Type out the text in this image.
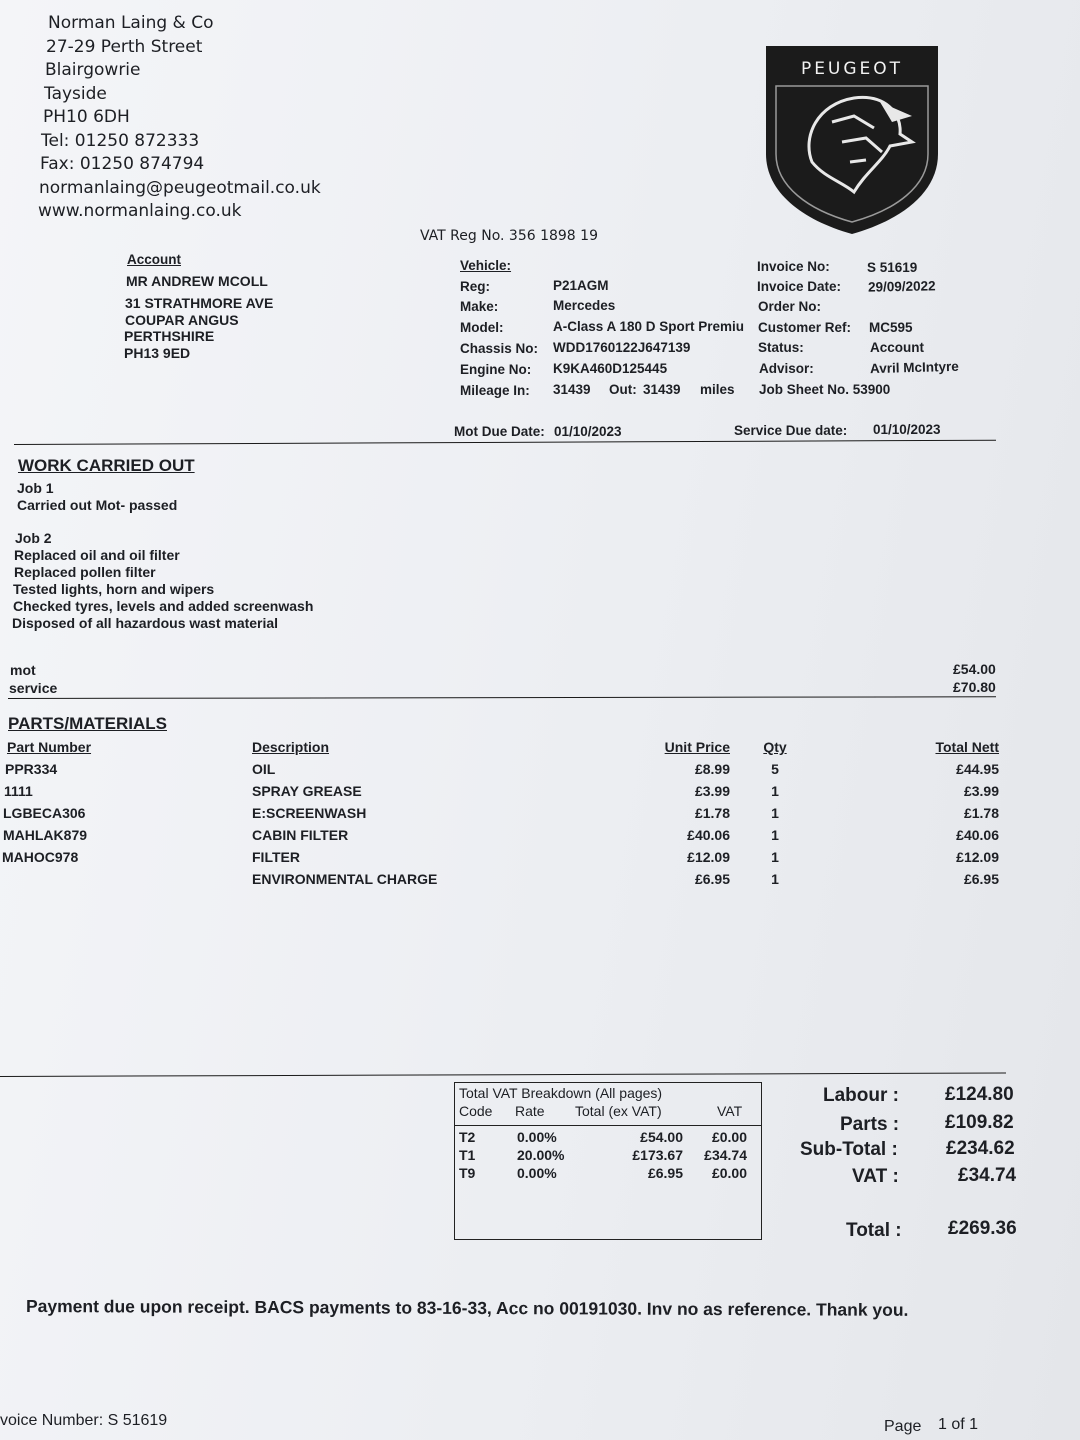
Norman Laing & Co
27-29 Perth Street
Blairgowrie
Tayside
PH10 6DH
Tel: 01250 872333
Fax: 01250 874794
normanlaing@peugeotmail.co.uk
www.normanlaing.co.uk
PEUGEOT
VAT Reg No. 356 1898 19
Account
MR ANDREW MCOLL
31 STRATHMORE AVE
COUPAR ANGUS
PERTHSHIRE
PH13 9ED
Vehicle:
Reg:	P21AGM
Make:	Mercedes
Model:	A-Class A 180 D Sport Premiu
Chassis No: WDD1760122J647139
Engine No: K9KA460D125445
Mileage In: 31439 Out: 31439 miles
Invoice No:	S 51619
Invoice Date: 29/09/2022
Order No:
Customer Ref: MC595
Status:	Account
Advisor:	Avril McIntyre
Job Sheet No. 53900
Mot Due Date: 01/10/2023	Service Due date: 01/10/2023
WORK CARRIED OUT
Job 1
Carried out Mot- passed
Job 2
Replaced oil and oil filter
Replaced pollen filter
Tested lights, horn and wipers
Checked tyres, levels and added screenwash
Disposed of all hazardous wast material
mot	£54.00
service	£70.80
PARTS/MATERIALS
Part Number	Description	Unit Price	Qty	Total Nett
PPR334	OIL	£8.99	5	£44.95
1111	SPRAY GREASE	£3.99	1	£3.99
LGBECA306	E:SCREENWASH	£1.78	1	£1.78
MAHLAK879	CABIN FILTER	£40.06	1	£40.06
MAHOC978	FILTER	£12.09	1	£12.09
	ENVIRONMENTAL CHARGE	£6.95	1	£6.95
Total VAT Breakdown (All pages)
Code Rate Total (ex VAT)	VAT
T2	0.00%	£54.00	£0.00
T1	20.00%	£173.67	£34.74
T9	0.00%	£6.95	£0.00
Labour : £124.80
Parts : £109.82
Sub-Total :	£234.62
VAT :	£34.74
Total : £269.36
Payment due upon receipt. BACS payments to 83-16-33, Acc no 00191030. Inv no as reference. Thank you.
voice Number: S 51619	Page 1 of 1
